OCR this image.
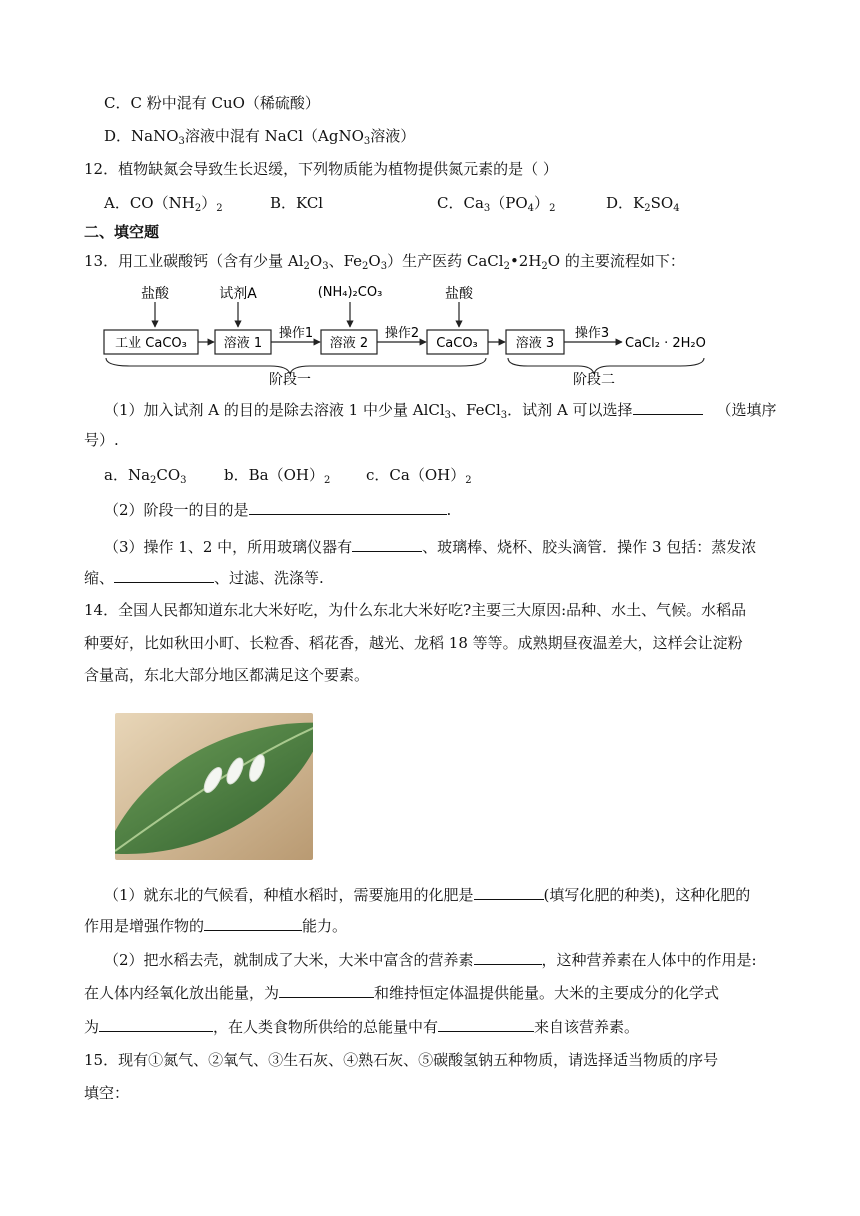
C．C 粉中混有 CuO（稀硫酸）
D．NaNO$_3$溶液中混有 NaCl（AgNO$_3$溶液）
12．植物缺氮会导致生长迟缓，下列物质能为植物提供氮元素的是（ ）
A．$CO(NH_2)_2$	B．KCl	C．$Ca_3(PO_4)_2$	D．$K_2SO_4$
二、填空题
13．用工业碳酸钙（含有少量 $Al_2O_3$、$Fe_2O_3$）生产医药 $CaCl_2•2H_2O$ 的主要流程如下：
盐酸	试剂A	(NH₄)₂CO₃	盐酸
工业 CaCO₃	溶液 1	溶液 2	CaCO₃	溶液 3
操作1	操作2	操作3
CaCl₂ · 2H₂O
阶段一	阶段二
（1）加入试剂 A 的目的是除去溶液 1 中少量 AlCl$_3$、FeCl$_3$．试剂 A 可以选择	（选填序
号）.
a．$Na_2CO_3$ b．$Ba(OH)_2$ c．$Ca(OH)_2$
（2）阶段一的目的是	.
（3）操作 1、2 中，所用玻璃仪器有	、玻璃棒、烧杯、胶头滴管．操作 3 包括：蒸发浓
缩、	、过滤、洗涤等.
14．全国人民都知道东北大米好吃，为什么东北大米好吃?主要三大原因:品种、水土、气候。水稻品
种要好，比如秋田小町、长粒香、稻花香，越光、龙稻 18 等等。成熟期昼夜温差大，这样会让淀粉
含量高，东北大部分地区都满足这个要素。
（1）就东北的气候看，种植水稻时，需要施用的化肥是	(填写化肥的种类)，这种化肥的
作用是增强作物的	能力。
（2）把水稻去壳，就制成了大米，大米中富含的营养素	，这种营养素在人体中的作用是:
在人体内经氧化放出能量，为	和维持恒定体温提供能量。大米的主要成分的化学式
为	，在人类食物所供给的总能量中有	来自该营养素。
15．现有①氮气、②氧气、③生石灰、④熟石灰、⑤碳酸氢钠五种物质，请选择适当物质的序号
填空：
